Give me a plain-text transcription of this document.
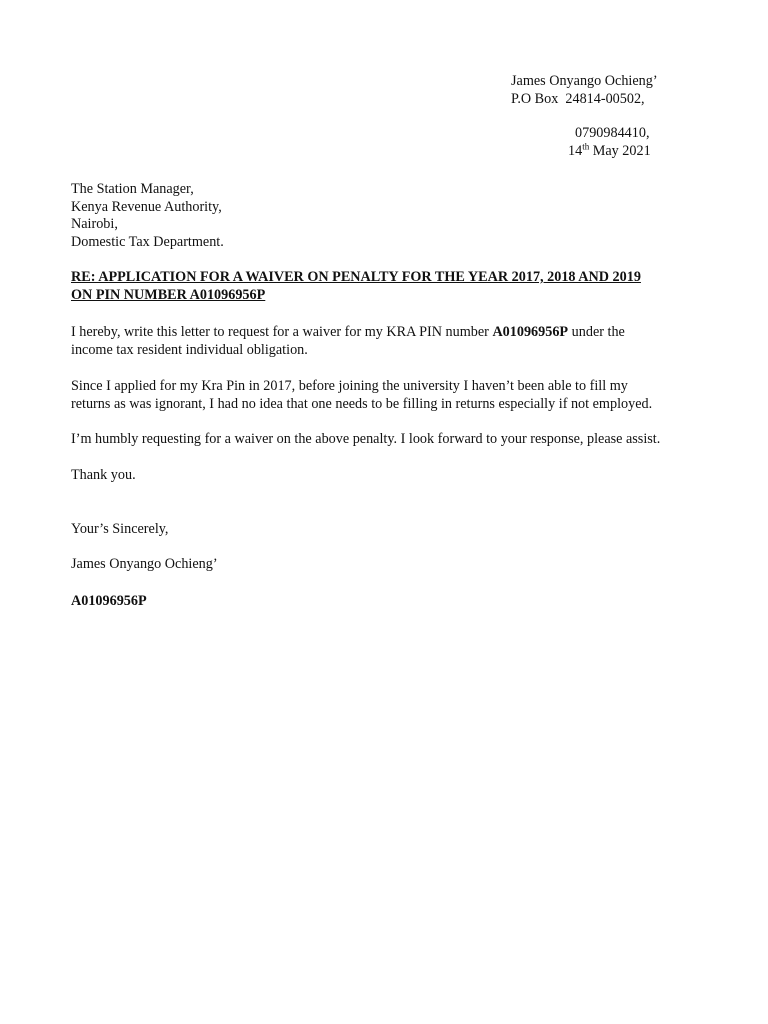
James Onyango Ochieng’
P.O Box  24814-00502,
0790984410,
14th May 2021
The Station Manager,
Kenya Revenue Authority,
Nairobi,
Domestic Tax Department.
RE: APPLICATION FOR A WAIVER ON PENALTY FOR THE YEAR 2017, 2018 AND 2019
ON PIN NUMBER A01096956P
I hereby, write this letter to request for a waiver for my KRA PIN number A01096956P under the
income tax resident individual obligation.
Since I applied for my Kra Pin in 2017, before joining the university I haven’t been able to fill my
returns as was ignorant, I had no idea that one needs to be filling in returns especially if not employed.
I’m humbly requesting for a waiver on the above penalty. I look forward to your response, please assist.
Thank you.
Your’s Sincerely,
James Onyango Ochieng’
A01096956P
